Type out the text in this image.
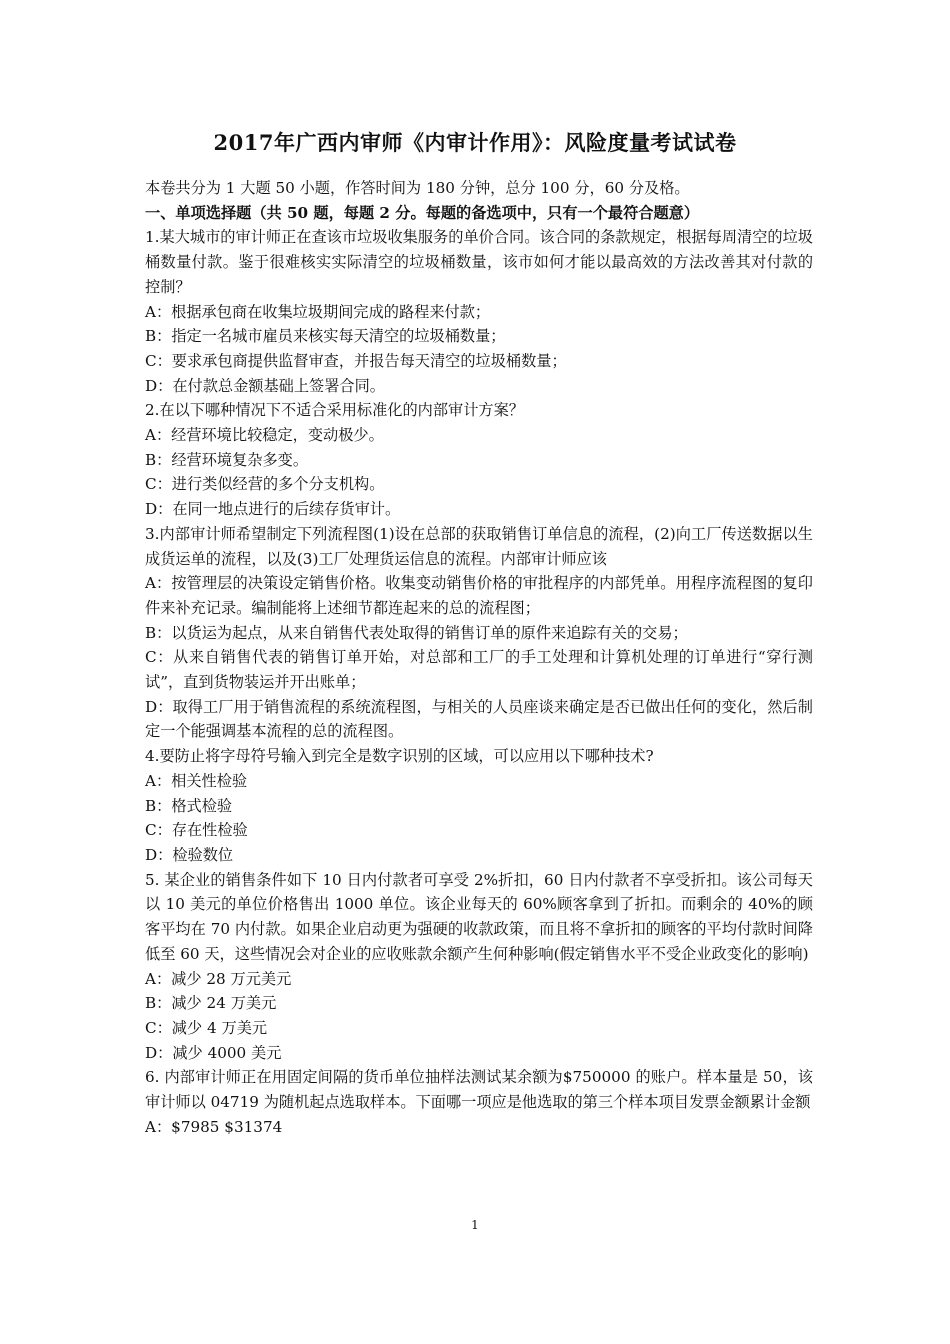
2017年广西内审师《内审计作用》：风险度量考试试卷

本卷共分为 1 大题 50 小题，作答时间为 180 分钟，总分 100 分，60 分及格。

一、单项选择题（共 50 题，每题 2 分。每题的备选项中，只有一个最符合题意）

1.某大城市的审计师正在查该市垃圾收集服务的单价合同。该合同的条款规定，根据每周清空的垃圾桶数量付款。鉴于很难核实实际清空的垃圾桶数量，该市如何才能以最高效的方法改善其对付款的控制？

A：根据承包商在收集垃圾期间完成的路程来付款；

B：指定一名城市雇员来核实每天清空的垃圾桶数量；

C：要求承包商提供监督审查，并报告每天清空的垃圾桶数量；

D：在付款总金额基础上签署合同。

2.在以下哪种情况下不适合采用标准化的内部审计方案？

A：经营环境比较稳定，变动极少。

B：经营环境复杂多变。

C：进行类似经营的多个分支机构。

D：在同一地点进行的后续存货审计。

3.内部审计师希望制定下列流程图(1)设在总部的获取销售订单信息的流程，(2)向工厂传送数据以生成货运单的流程，以及(3)工厂处理货运信息的流程。内部审计师应该

A：按管理层的决策设定销售价格。收集变动销售价格的审批程序的内部凭单。用程序流程图的复印件来补充记录。编制能将上述细节都连起来的总的流程图；

B：以货运为起点，从来自销售代表处取得的销售订单的原件来追踪有关的交易；

C：从来自销售代表的销售订单开始，对总部和工厂的手工处理和计算机处理的订单进行“穿行测试”，直到货物装运并开出账单；

D：取得工厂用于销售流程的系统流程图，与相关的人员座谈来确定是否已做出任何的变化，然后制定一个能强调基本流程的总的流程图。

4.要防止将字母符号输入到完全是数字识别的区域，可以应用以下哪种技术?

A：相关性检验

B：格式检验

C：存在性检验

D：检验数位

5. 某企业的销售条件如下 10 日内付款者可享受 2%折扣，60 日内付款者不享受折扣。该公司每天以 10 美元的单位价格售出 1000 单位。该企业每天的 60%顾客拿到了折扣。而剩余的 40%的顾客平均在 70 内付款。如果企业启动更为强硬的收款政策，而且将不拿折扣的顾客的平均付款时间降低至 60 天，这些情况会对企业的应收账款余额产生何种影响(假定销售水平不受企业政变化的影响)

A：减少 28 万元美元

B：减少 24 万美元

C：减少 4 万美元

D：减少 4000 美元

6. 内部审计师正在用固定间隔的货币单位抽样法测试某余额为$750000 的账户。样本量是 50，该审计师以 04719 为随机起点选取样本。下面哪一项应是他选取的第三个样本项目发票金额累计金额

A：$7985 $31374

1
